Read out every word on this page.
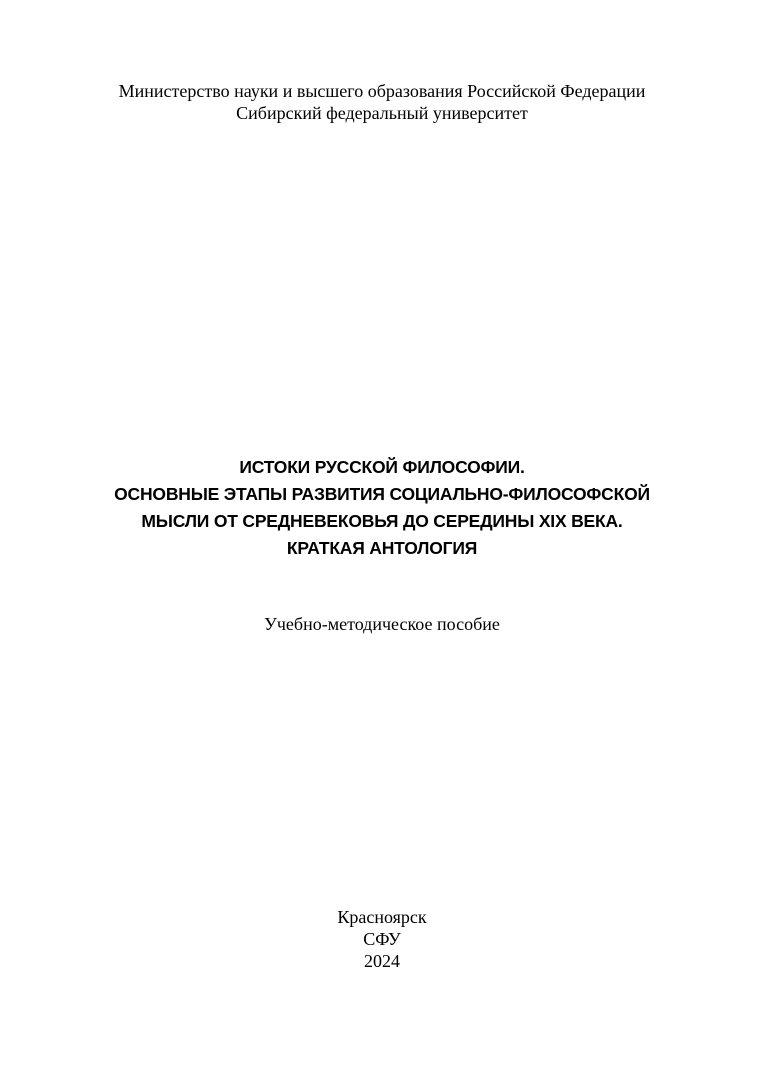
Министерство науки и высшего образования Российской Федерации
Сибирский федеральный университет
ИСТОКИ РУССКОЙ ФИЛОСОФИИ.
ОСНОВНЫЕ ЭТАПЫ РАЗВИТИЯ СОЦИАЛЬНО-ФИЛОСОФСКОЙ
МЫСЛИ ОТ СРЕДНЕВЕКОВЬЯ ДО СЕРЕДИНЫ XIX ВЕКА.
КРАТКАЯ АНТОЛОГИЯ
Учебно-методическое пособие
Красноярск
СФУ
2024
